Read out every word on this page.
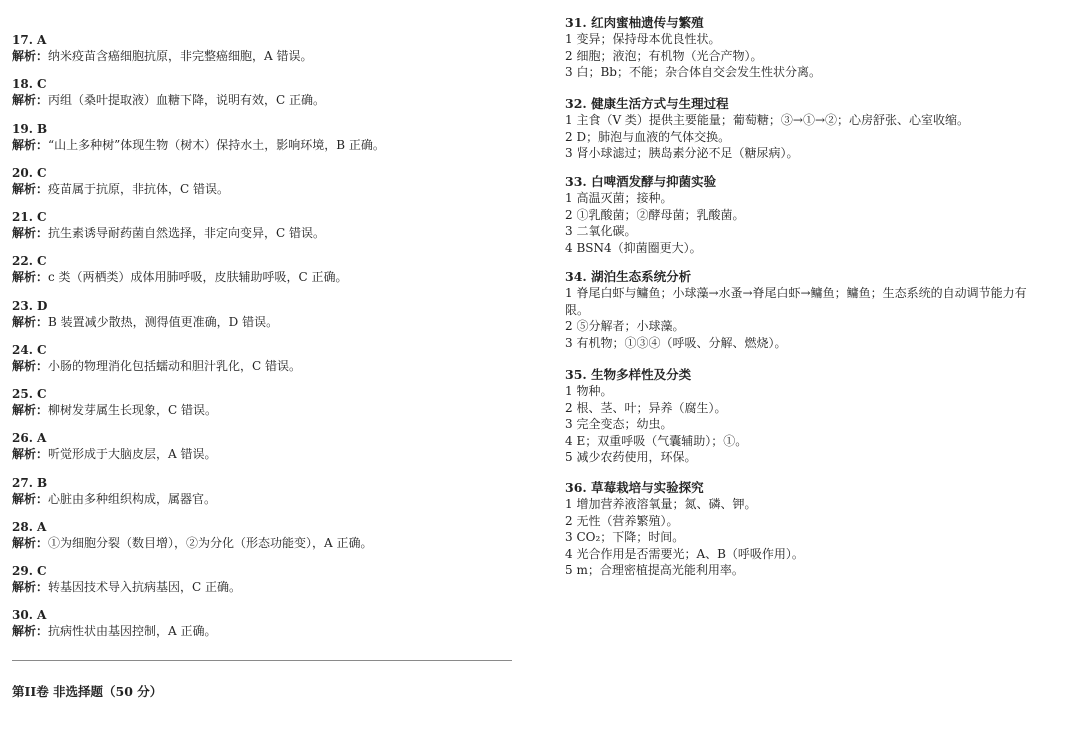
17. A
解析：纳米疫苗含癌细胞抗原，非完整癌细胞，A 错误。
18. C
解析：丙组（桑叶提取液）血糖下降，说明有效，C 正确。
19. B
解析：“山上多种树”体现生物（树木）保持水土，影响环境，B 正确。
20. C
解析：疫苗属于抗原，非抗体，C 错误。
21. C
解析：抗生素诱导耐药菌自然选择，非定向变异，C 错误。
22. C
解析：c 类（两栖类）成体用肺呼吸，皮肤辅助呼吸，C 正确。
23. D
解析：B 装置减少散热，测得值更准确，D 错误。
24. C
解析：小肠的物理消化包括蠕动和胆汁乳化，C 错误。
25. C
解析：柳树发芽属生长现象，C 错误。
26. A
解析：听觉形成于大脑皮层，A 错误。
27. B
解析：心脏由多种组织构成，属器官。
28. A
解析：①为细胞分裂（数目增），②为分化（形态功能变），A 正确。
29. C
解析：转基因技术导入抗病基因，C 正确。
30. A
解析：抗病性状由基因控制，A 正确。
第II卷 非选择题（50 分）
31. 红肉蜜柚遗传与繁殖
1 变异；保持母本优良性状。
2 细胞；液泡；有机物（光合产物）。
3 白；Bb；不能；杂合体自交会发生性状分离。
32. 健康生活方式与生理过程
1 主食（V 类）提供主要能量；葡萄糖；③→①→②；心房舒张、心室收缩。
2 D；肺泡与血液的气体交换。
3 肾小球滤过；胰岛素分泌不足（糖尿病）。
33. 白啤酒发酵与抑菌实验
1 高温灭菌；接种。
2 ①乳酸菌；②酵母菌；乳酸菌。
3 二氧化碳。
4 BSN4（抑菌圈更大）。
34. 湖泊生态系统分析
1 脊尾白虾与鳙鱼；小球藻→水蚤→脊尾白虾→鳙鱼；鳙鱼；生态系统的自动调节能力有
限。
2 ⑤分解者；小球藻。
3 有机物；①③④（呼吸、分解、燃烧）。
35. 生物多样性及分类
1 物种。
2 根、茎、叶；异养（腐生）。
3 完全变态；幼虫。
4 E；双重呼吸（气囊辅助）；①。
5 减少农药使用，环保。
36. 草莓栽培与实验探究
1 增加营养液溶氧量；氮、磷、钾。
2 无性（营养繁殖）。
3 CO₂；下降；时间。
4 光合作用是否需要光；A、B（呼吸作用）。
5 m；合理密植提高光能利用率。
